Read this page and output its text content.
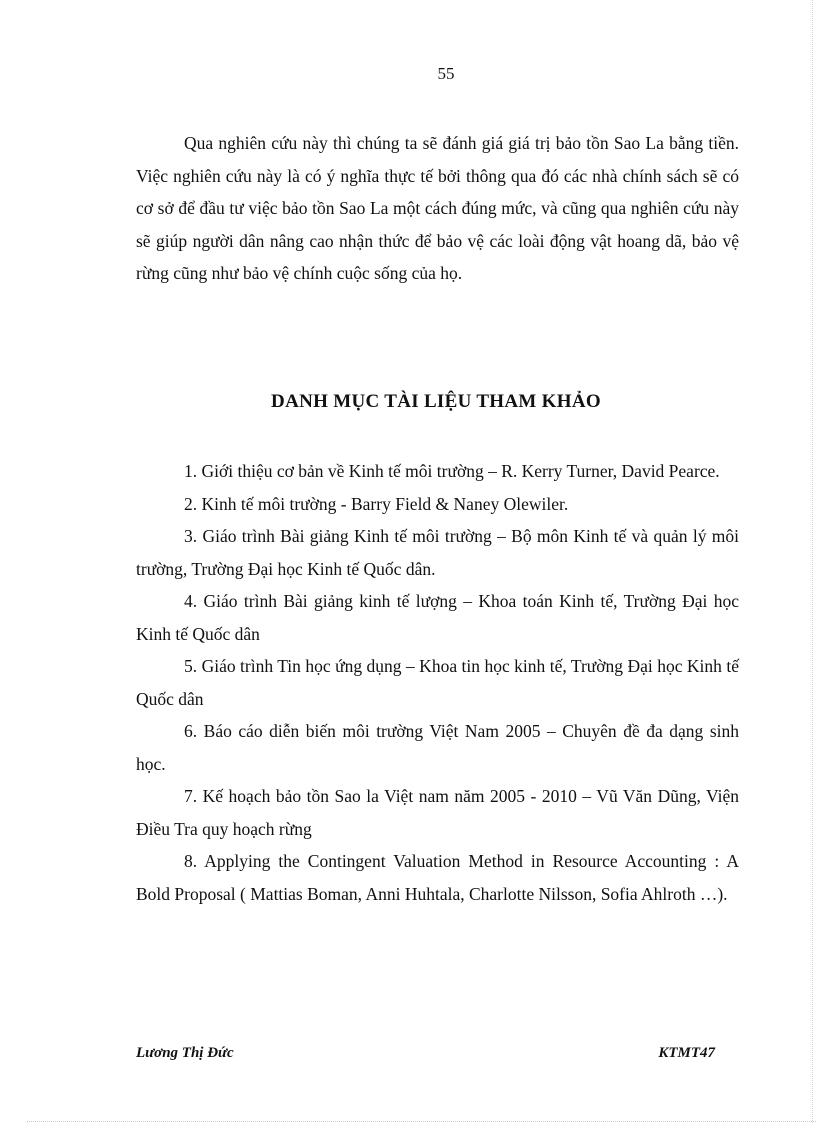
55

Qua nghiên cứu này thì chúng ta sẽ đánh giá giá trị bảo tồn Sao La bằng tiền. Việc nghiên cứu này là có ý nghĩa thực tế bởi thông qua đó các nhà chính sách sẽ có cơ sở để đầu tư việc bảo tồn Sao La một cách đúng mức, và cũng qua nghiên cứu này sẽ giúp người dân nâng cao nhận thức để bảo vệ các loài động vật hoang dã, bảo vệ rừng cũng như bảo vệ chính cuộc sống của họ.

DANH MỤC TÀI LIỆU THAM KHẢO
1. Giới thiệu cơ bản về Kinh tế môi trường – R. Kerry Turner, David Pearce.
2. Kinh tế môi trường - Barry Field & Naney Olewiler.
3. Giáo trình Bài giảng Kinh tế môi trường – Bộ môn Kinh tế và quản lý môi trường, Trường Đại học Kinh tế Quốc dân.
4. Giáo trình Bài giảng kinh tế lượng – Khoa toán Kinh tế, Trường Đại học Kinh tế Quốc dân
5. Giáo trình Tin học ứng dụng – Khoa tin học kinh tế, Trường Đại học Kinh tế Quốc dân
6. Báo cáo diễn biến môi trường Việt Nam 2005 – Chuyên đề đa dạng sinh học.
7. Kế hoạch bảo tồn Sao la Việt nam năm 2005 - 2010 – Vũ Văn Dũng, Viện Điều Tra quy hoạch rừng
8. Applying the Contingent Valuation Method in Resource Accounting : A Bold Proposal ( Mattias Boman, Anni Huhtala, Charlotte Nilsson, Sofia Ahlroth …).
Lương Thị Đức	KTMT47
